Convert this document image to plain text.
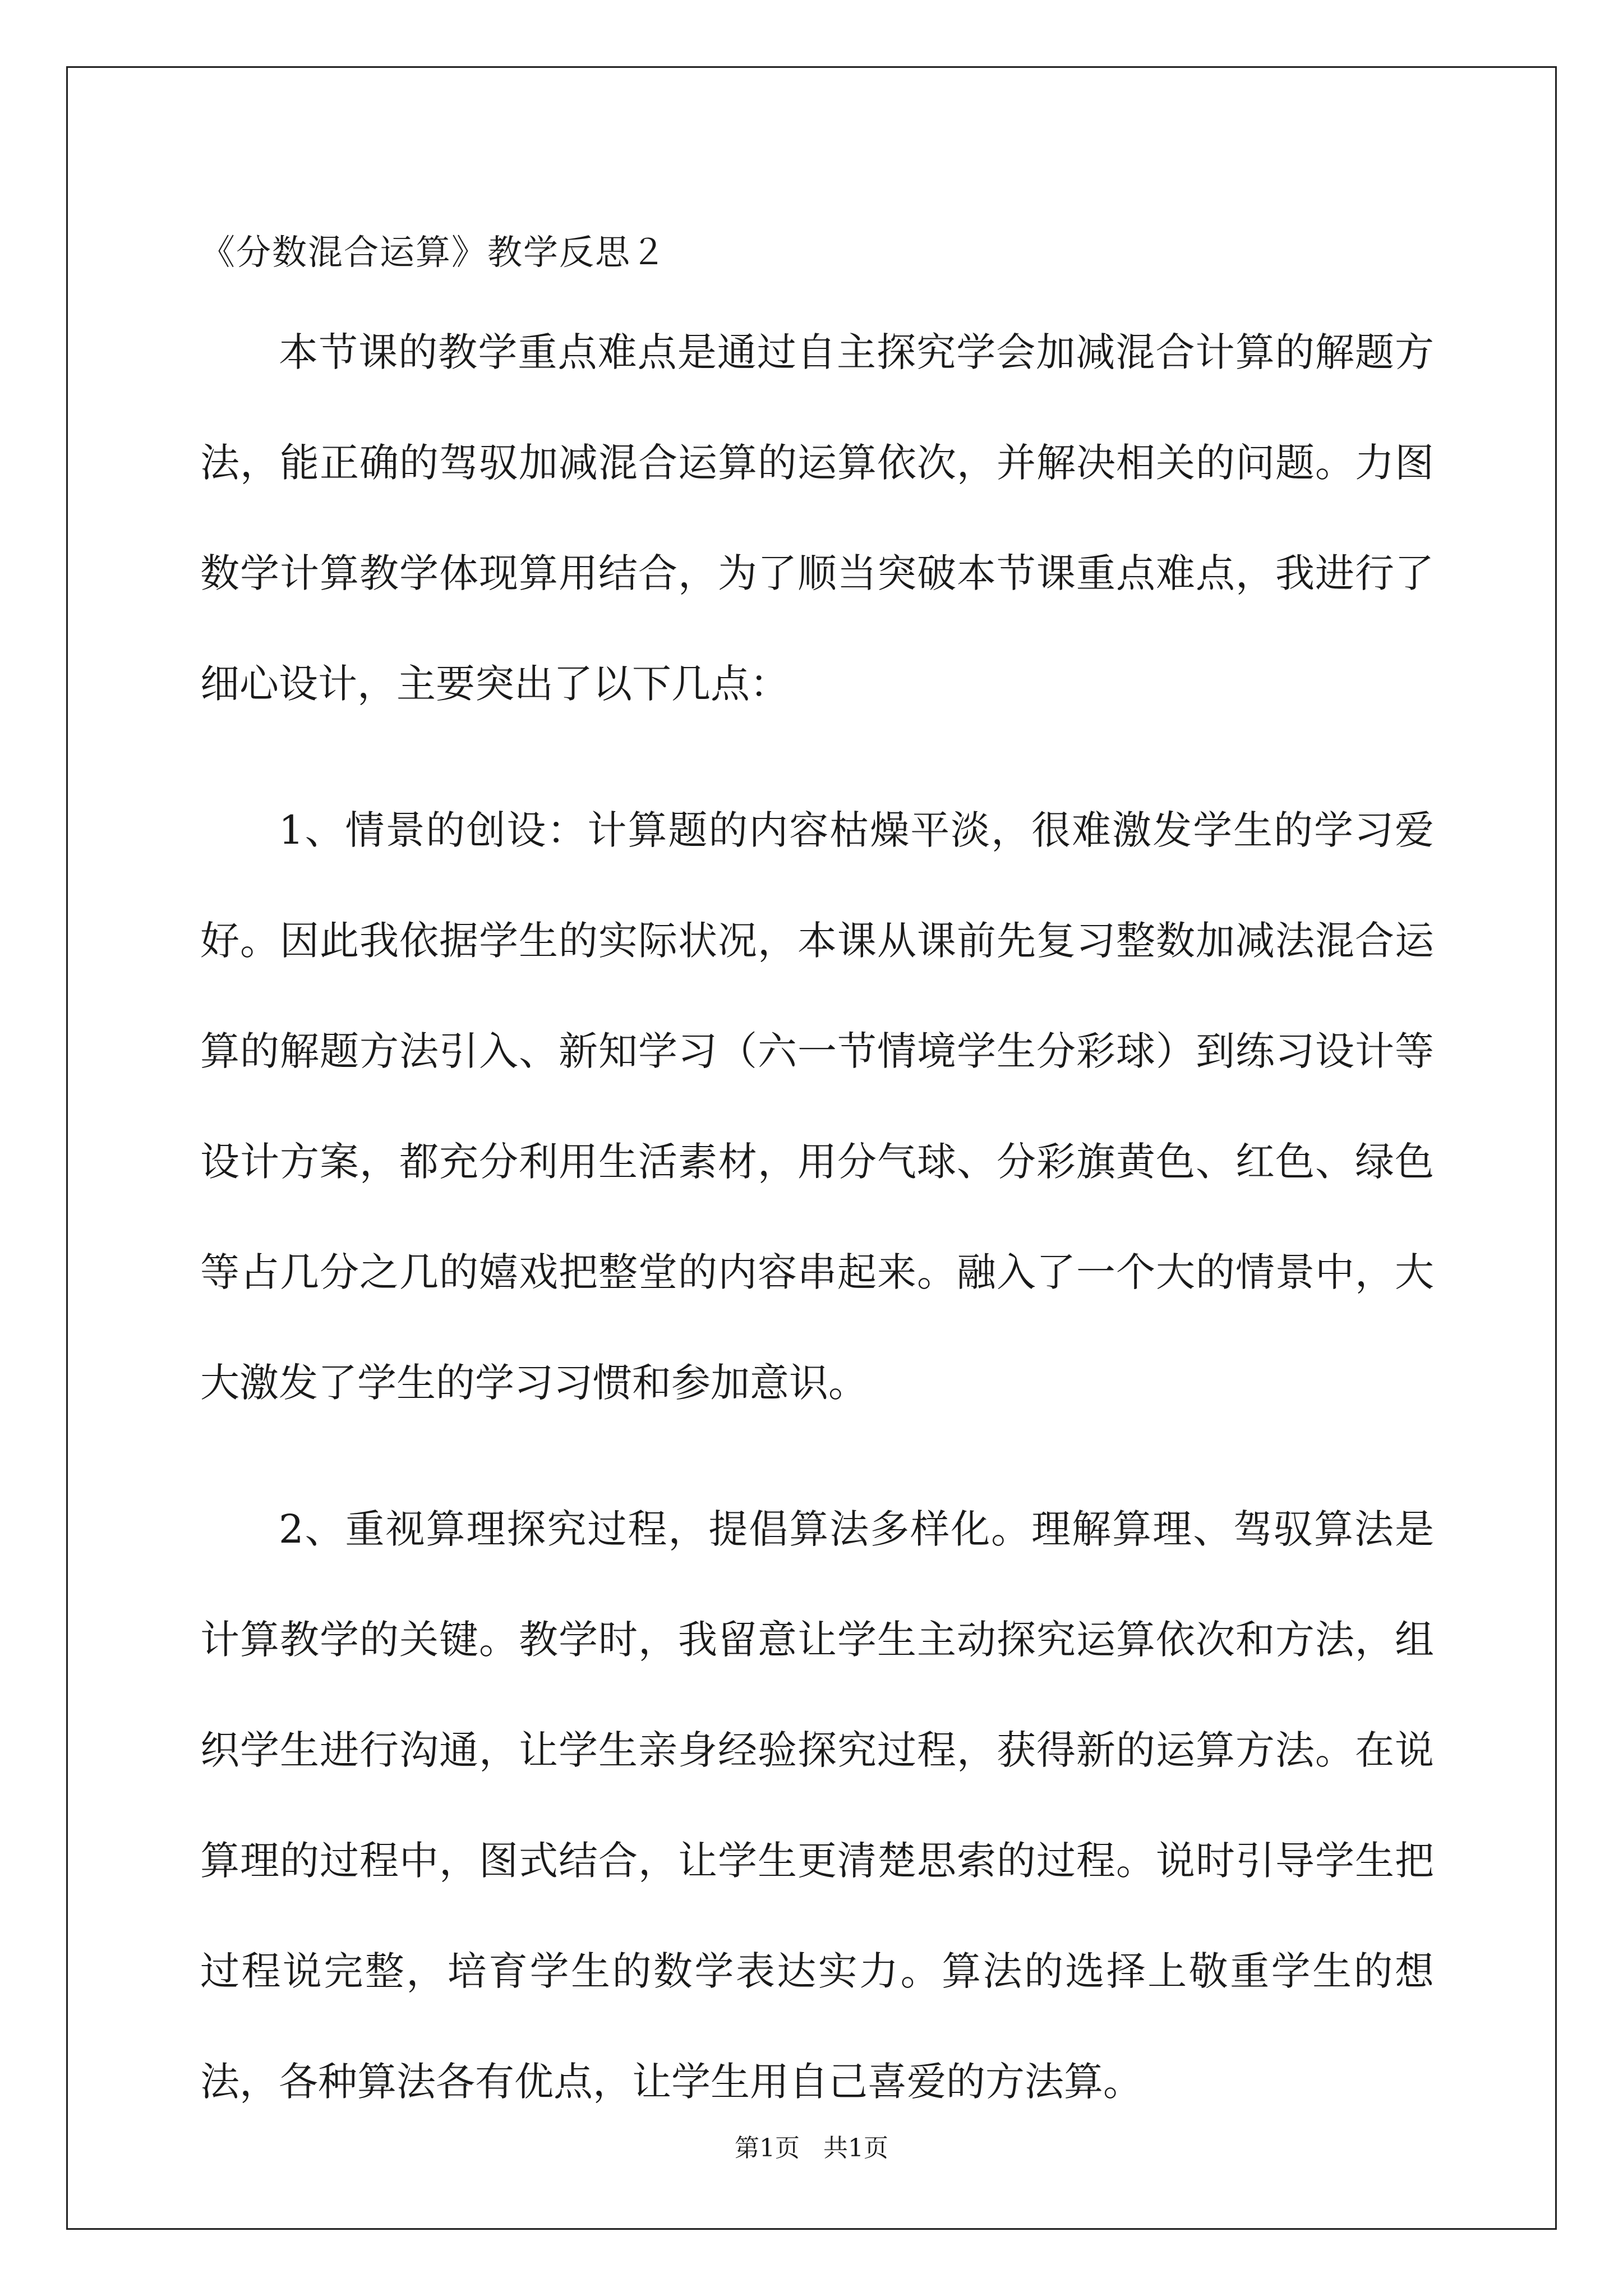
《分数混合运算》教学反思２

本节课的教学重点难点是通过自主探究学会加减混合计算的解题方法，能正确的驾驭加减混合运算的运算依次，并解决相关的问题。力图数学计算教学体现算用结合，为了顺当突破本节课重点难点，我进行了细心设计，主要突出了以下几点：

1、情景的创设：计算题的内容枯燥平淡，很难激发学生的学习爱好。因此我依据学生的实际状况，本课从课前先复习整数加减法混合运算的解题方法引入、新知学习（六一节情境学生分彩球）到练习设计等设计方案，都充分利用生活素材，用分气球、分彩旗黄色、红色、绿色等占几分之几的嬉戏把整堂的内容串起来。融入了一个大的情景中，大大激发了学生的学习习惯和参加意识。

2、重视算理探究过程，提倡算法多样化。理解算理、驾驭算法是计算教学的关键。教学时，我留意让学生主动探究运算依次和方法，组织学生进行沟通，让学生亲身经验探究过程，获得新的运算方法。在说算理的过程中，图式结合，让学生更清楚思索的过程。说时引导学生把过程说完整，培育学生的数学表达实力。算法的选择上敬重学生的想法，各种算法各有优点，让学生用自己喜爱的方法算。

第1页   共1页
